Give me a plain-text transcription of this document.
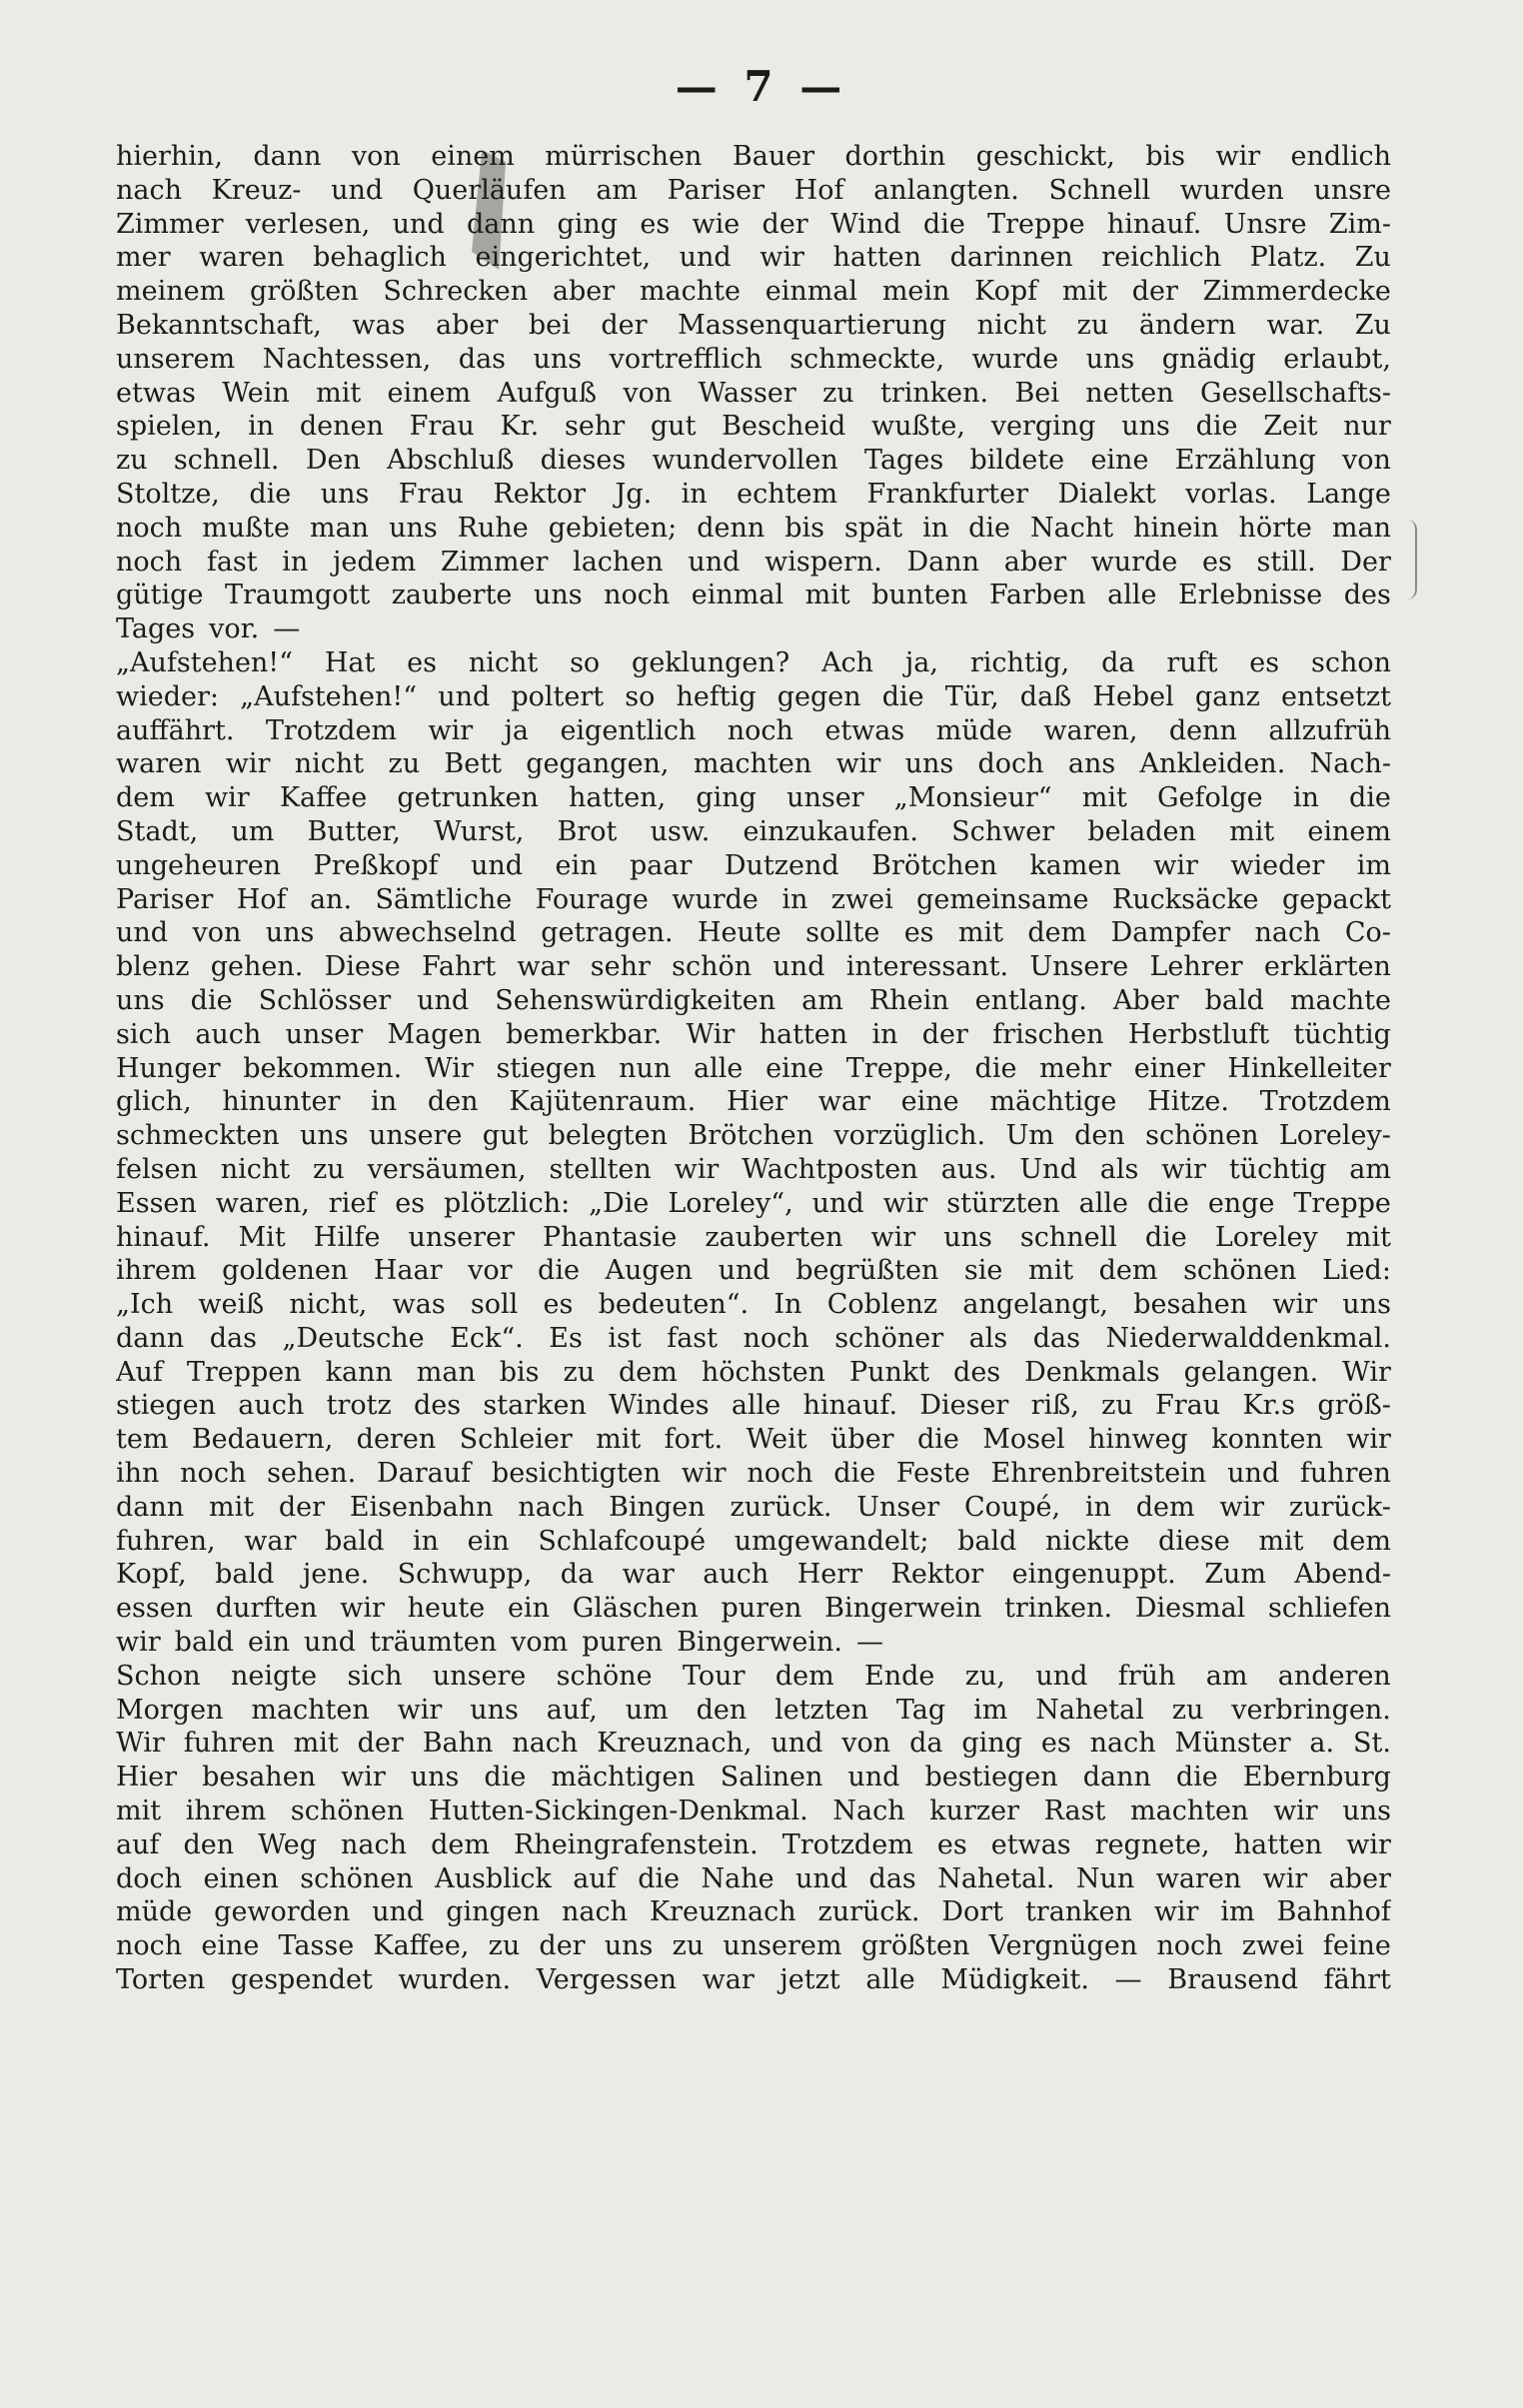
— 7 —
hierhin, dann von einem mürrischen Bauer dorthin geschickt, bis wir endlich
nach Kreuz- und Querläufen am Pariser Hof anlangten. Schnell wurden unsre
Zimmer verlesen, und dann ging es wie der Wind die Treppe hinauf. Unsre Zim-
mer waren behaglich eingerichtet, und wir hatten darinnen reichlich Platz. Zu
meinem größten Schrecken aber machte einmal mein Kopf mit der Zimmerdecke
Bekanntschaft, was aber bei der Massenquartierung nicht zu ändern war. Zu
unserem Nachtessen, das uns vortrefflich schmeckte, wurde uns gnädig erlaubt,
etwas Wein mit einem Aufguß von Wasser zu trinken. Bei netten Gesellschafts-
spielen, in denen Frau Kr. sehr gut Bescheid wußte, verging uns die Zeit nur
zu schnell. Den Abschluß dieses wundervollen Tages bildete eine Erzählung von
Stoltze, die uns Frau Rektor Jg. in echtem Frankfurter Dialekt vorlas. Lange
noch mußte man uns Ruhe gebieten; denn bis spät in die Nacht hinein hörte man
noch fast in jedem Zimmer lachen und wispern. Dann aber wurde es still. Der
gütige Traumgott zauberte uns noch einmal mit bunten Farben alle Erlebnisse des
Tages vor. —
„Aufstehen!“ Hat es nicht so geklungen? Ach ja, richtig, da ruft es schon
wieder: „Aufstehen!“ und poltert so heftig gegen die Tür, daß Hebel ganz entsetzt
auffährt. Trotzdem wir ja eigentlich noch etwas müde waren, denn allzufrüh
waren wir nicht zu Bett gegangen, machten wir uns doch ans Ankleiden. Nach-
dem wir Kaffee getrunken hatten, ging unser „Monsieur“ mit Gefolge in die
Stadt, um Butter, Wurst, Brot usw. einzukaufen. Schwer beladen mit einem
ungeheuren Preßkopf und ein paar Dutzend Brötchen kamen wir wieder im
Pariser Hof an. Sämtliche Fourage wurde in zwei gemeinsame Rucksäcke gepackt
und von uns abwechselnd getragen. Heute sollte es mit dem Dampfer nach Co-
blenz gehen. Diese Fahrt war sehr schön und interessant. Unsere Lehrer erklärten
uns die Schlösser und Sehenswürdigkeiten am Rhein entlang. Aber bald machte
sich auch unser Magen bemerkbar. Wir hatten in der frischen Herbstluft tüchtig
Hunger bekommen. Wir stiegen nun alle eine Treppe, die mehr einer Hinkelleiter
glich, hinunter in den Kajütenraum. Hier war eine mächtige Hitze. Trotzdem
schmeckten uns unsere gut belegten Brötchen vorzüglich. Um den schönen Loreley-
felsen nicht zu versäumen, stellten wir Wachtposten aus. Und als wir tüchtig am
Essen waren, rief es plötzlich: „Die Loreley“, und wir stürzten alle die enge Treppe
hinauf. Mit Hilfe unserer Phantasie zauberten wir uns schnell die Loreley mit
ihrem goldenen Haar vor die Augen und begrüßten sie mit dem schönen Lied:
„Ich weiß nicht, was soll es bedeuten“. In Coblenz angelangt, besahen wir uns
dann das „Deutsche Eck“. Es ist fast noch schöner als das Niederwalddenkmal.
Auf Treppen kann man bis zu dem höchsten Punkt des Denkmals gelangen. Wir
stiegen auch trotz des starken Windes alle hinauf. Dieser riß, zu Frau Kr.s größ-
tem Bedauern, deren Schleier mit fort. Weit über die Mosel hinweg konnten wir
ihn noch sehen. Darauf besichtigten wir noch die Feste Ehrenbreitstein und fuhren
dann mit der Eisenbahn nach Bingen zurück. Unser Coupé, in dem wir zurück-
fuhren, war bald in ein Schlafcoupé umgewandelt; bald nickte diese mit dem
Kopf, bald jene. Schwupp, da war auch Herr Rektor eingenuppt. Zum Abend-
essen durften wir heute ein Gläschen puren Bingerwein trinken. Diesmal schliefen
wir bald ein und träumten vom puren Bingerwein. —
Schon neigte sich unsere schöne Tour dem Ende zu, und früh am anderen
Morgen machten wir uns auf, um den letzten Tag im Nahetal zu verbringen.
Wir fuhren mit der Bahn nach Kreuznach, und von da ging es nach Münster a. St.
Hier besahen wir uns die mächtigen Salinen und bestiegen dann die Ebernburg
mit ihrem schönen Hutten-Sickingen-Denkmal. Nach kurzer Rast machten wir uns
auf den Weg nach dem Rheingrafenstein. Trotzdem es etwas regnete, hatten wir
doch einen schönen Ausblick auf die Nahe und das Nahetal. Nun waren wir aber
müde geworden und gingen nach Kreuznach zurück. Dort tranken wir im Bahnhof
noch eine Tasse Kaffee, zu der uns zu unserem größten Vergnügen noch zwei feine
Torten gespendet wurden. Vergessen war jetzt alle Müdigkeit. — Brausend fährt
